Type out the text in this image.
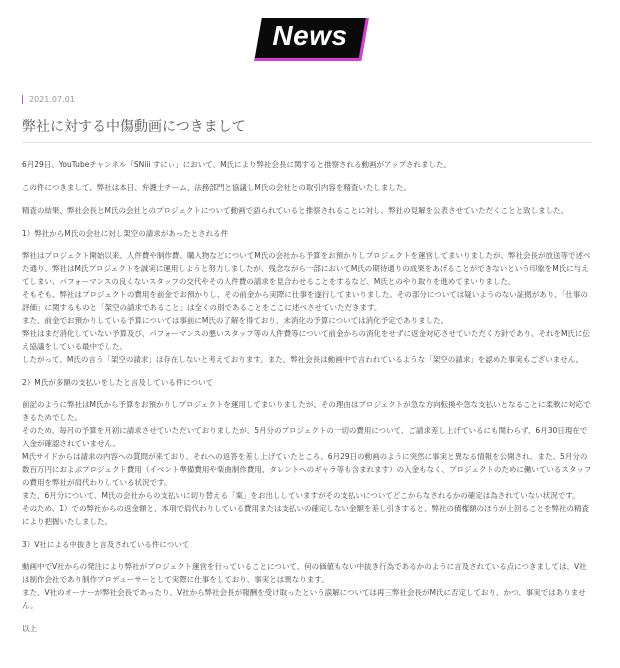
News
2021.07.01
弊社に対する中傷動画につきまして

6月29日、YouTubeチャンネル「SNiii すにぃ」において、M氏により弊社会長に関すると推察される動画がアップされました。

この件につきまして、弊社は本日、弁護士チーム、法務部門と協議しM氏の会社との取引内容を精査いたしました。

精査の結果、弊社会長とM氏の会社とのプロジェクトについて動画で語られていると推察されることに対し、弊社の見解を公表させていただくことと致しました。

1）弊社からM氏の会社に対し架空の請求があったとされる件

弊社はプロジェクト開始以来、人件費や制作費、購入物などについてM氏の会社から予算をお預かりしプロジェクトを運営してまいりましたが、弊社会長が放送等で述べた通り、弊社はM氏プロジェクトを誠実に運用しようと努力しましたが、残念ながら一部においてM氏の期待通りの成果をあげることができないという印象をM氏に与えてしまい、パフォーマンスの良くないスタッフの交代やその人件費の請求を見合わせることをするなど、M氏とのやり取りを進めてまいりました。

そもそも、弊社はプロジェクトの費用を前金でお預かりし、その前金から実際に仕事を遂行してまいりました。その部分については疑いようのない証拠があり、「仕事の評価」に関するものと「架空の請求であること」は全くの別であることをここに述べさせていただきます。

また、前金でお預かりしている予算については事前にM氏の了解を得ており、未消化の予算については消化予定でありました。

弊社はまだ消化していない予算及び、パフォーマンスの悪いスタッフ等の人件費等について前金からの消化をせずに返金対応させていただく方針であり、それをM氏に伝え協議をしている最中でした。

したがって、M氏の言う「架空の請求」は存在しないと考えております。また、弊社会長は動画中で言われているような「架空の請求」を認めた事実もございません。

2）M氏が多額の支払いをしたと言及している件について

前記のように弊社はM氏から予算をお預かりしプロジェクトを運用してまいりましたが、その理由はプロジェクトが急な方向転換や急な支払いとなることに柔軟に対応できるためでした。

そのため、毎月の予算を月初に請求させていただいておりましたが、5月分のプロジェクトの一切の費用について、ご請求差し上げているにも関わらず、6月30日現在で入金が確認されていません。

M氏サイドからは請求の内容への質問が来ており、それへの返答を差し上げていたところ、6月29日の動画のように突然に事実と異なる情報を公開され、また、5月分の数百万円におよぶプロジェクト費用（イベント準備費用や楽曲制作費用、タレントへのギャラ等も含まれます）の入金もなく、プロジェクトのために働いているスタッフの費用を弊社が肩代わりしている状況です。

また、6月分について、M氏の会社からの支払いに切り替える「案」をお出ししていますがその支払いについてどこからなされるかの確定は為されていない状況です。

そのため、1）での弊社からの返金額と、本項で肩代わりしている費用または支払いの確定しない金額を差し引きすると、弊社の債権額のほうが上回ることを弊社の精査により把握いたしました。

3）V社による中抜きと言及されている件について

動画中でV社からの発注により弊社がプロジェクト運営を行っていることについて、何の価値もない中抜き行為であるかのように言及されている点につきましては、V社は制作会社であり制作プロデューサーとして実際に仕事をしており、事実とは異なります。

また、V社のオーナーが弊社会長であったり、V社から弊社会長が報酬を受け取ったという誤解については再三弊社会長がM氏に否定しており、かつ、事実ではありません。

以上
